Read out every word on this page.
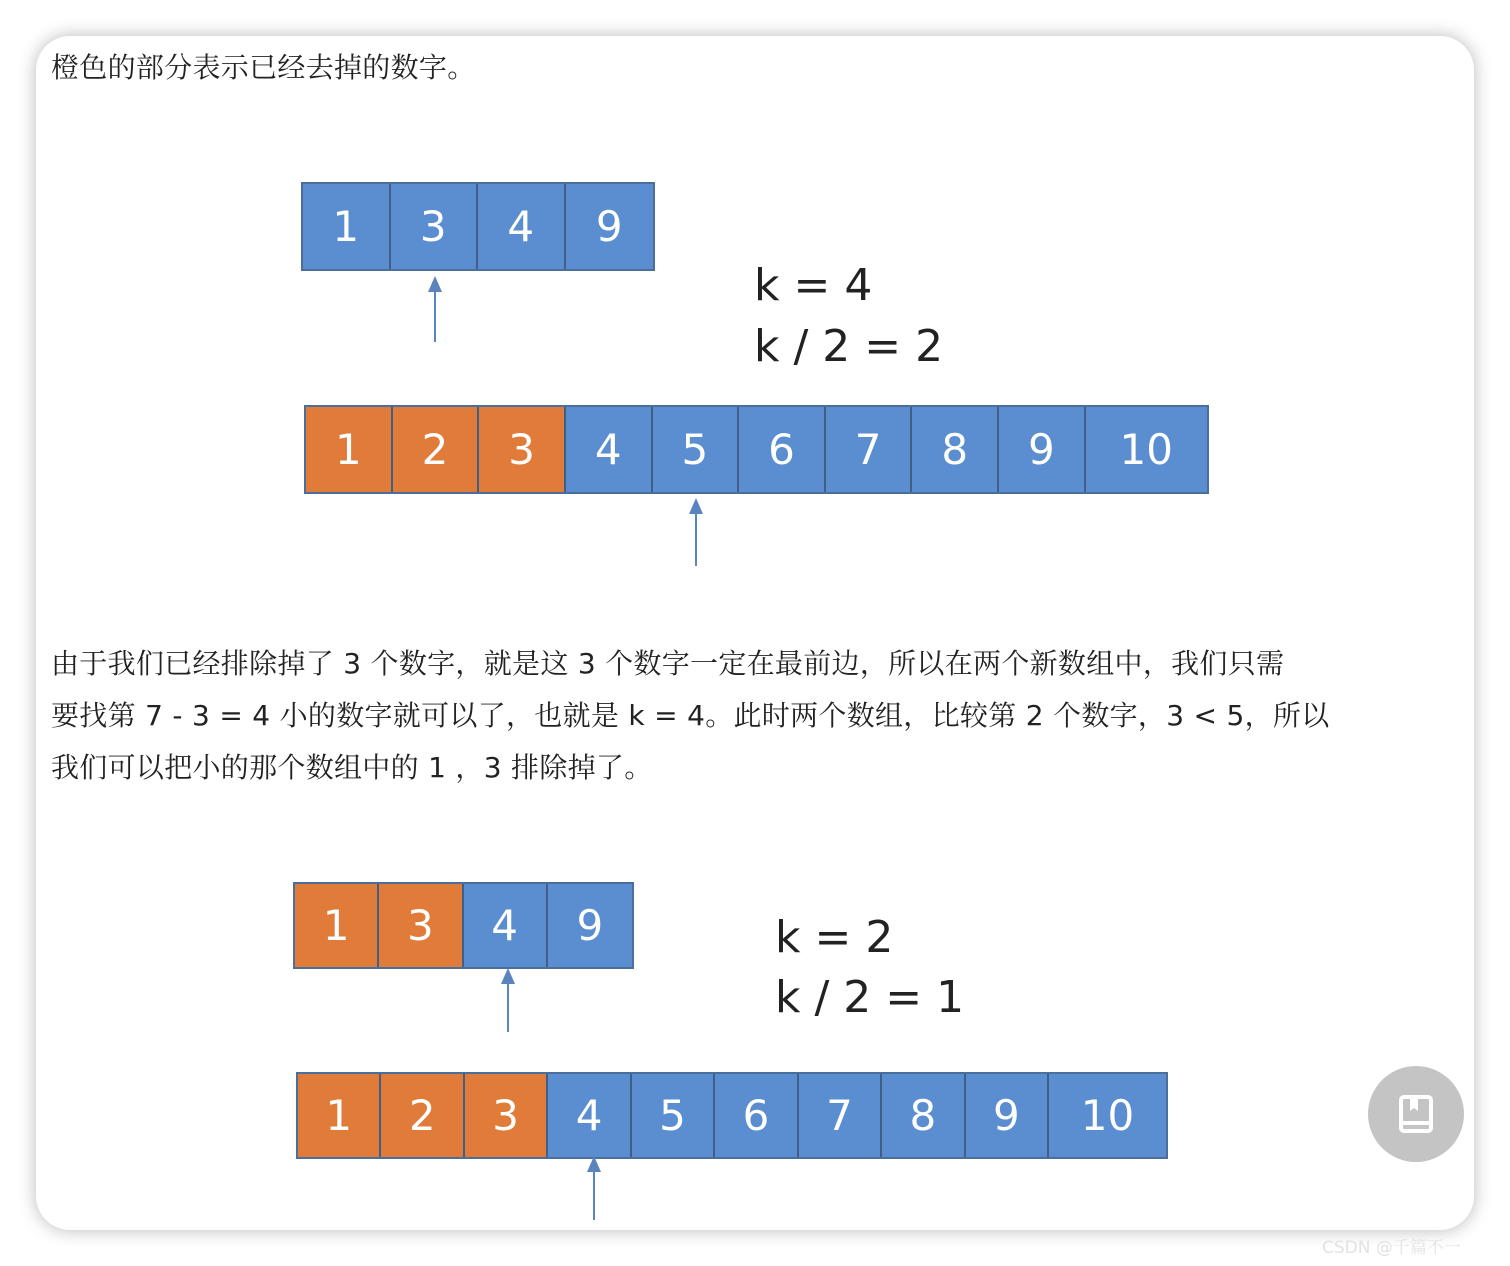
橙色的部分表示已经去掉的数字。

1	3	4	9
k = 4
k / 2 = 2
1	2	3	4	5	6	7	8	9	10

由于我们已经排除掉了 3 个数字，就是这 3 个数字一定在最前边，所以在两个新数组中，我们只需
要找第 7 - 3 = 4 小的数字就可以了，也就是 k = 4。此时两个数组，比较第 2 个数字，3 < 5，所以
我们可以把小的那个数组中的 1 ，3 排除掉了。

1	3	4	9	k = 2
k / 2 = 1
1	2	3	4	5	6	7	8	9	10
CSDN @千篇不一
